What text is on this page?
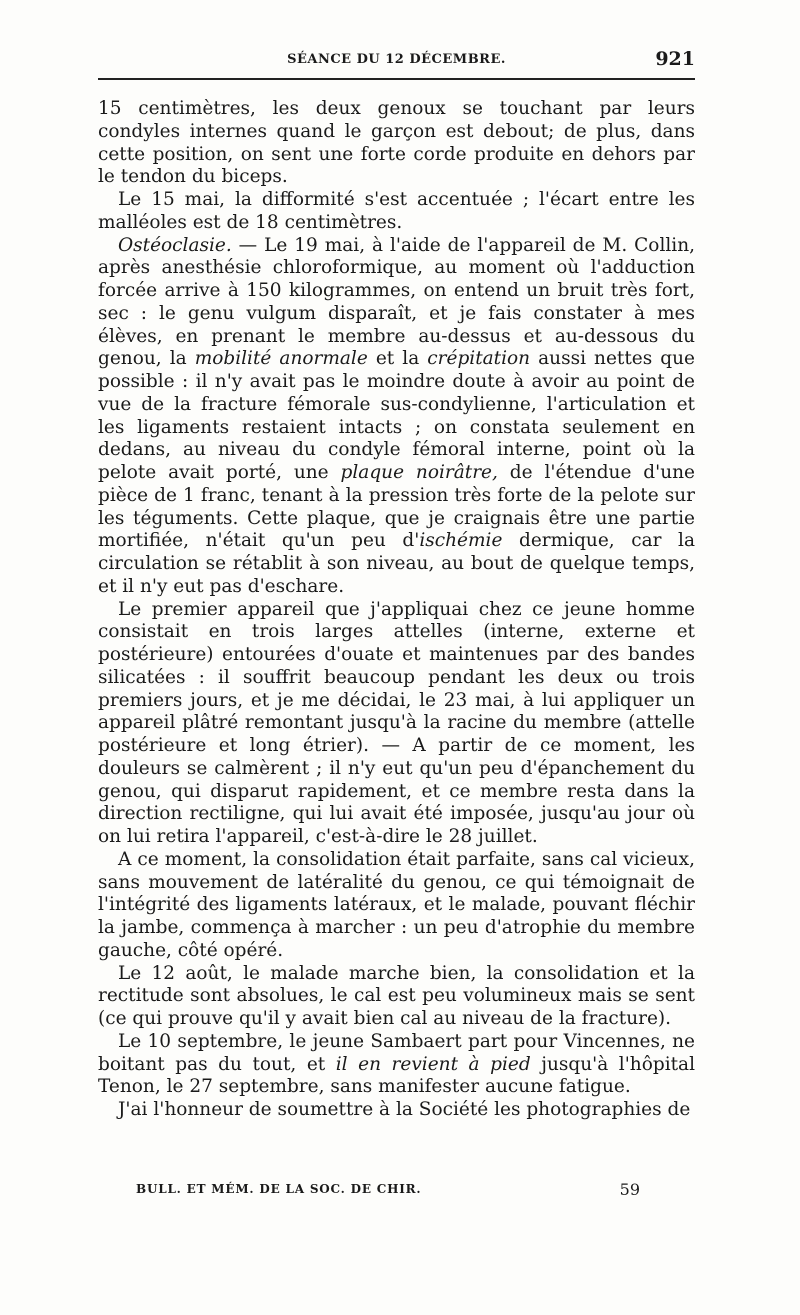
SÉANCE DU 12 DÉCEMBRE.	921

15 centimètres, les deux genoux se touchant par leurs condyles internes quand le garçon est debout; de plus, dans cette position, on sent une forte corde produite en dehors par le tendon du biceps.

Le 15 mai, la difformité s'est accentuée ; l'écart entre les malléoles est de 18 centimètres.

Ostéoclasie. — Le 19 mai, à l'aide de l'appareil de M. Collin, après anesthésie chloroformique, au moment où l'adduction forcée arrive à 150 kilogrammes, on entend un bruit très fort, sec : le genu vulgum disparaît, et je fais constater à mes élèves, en prenant le membre au-dessus et au-dessous du genou, la mobilité anormale et la crépitation aussi nettes que possible : il n'y avait pas le moindre doute à avoir au point de vue de la fracture fémorale sus-condylienne, l'articulation et les ligaments restaient intacts ; on constata seulement en dedans, au niveau du condyle fémoral interne, point où la pelote avait porté, une plaque noirâtre, de l'étendue d'une pièce de 1 franc, tenant à la pression très forte de la pelote sur les téguments. Cette plaque, que je craignais être une partie mortifiée, n'était qu'un peu d'ischémie dermique, car la circulation se rétablit à son niveau, au bout de quelque temps, et il n'y eut pas d'eschare.

Le premier appareil que j'appliquai chez ce jeune homme consistait en trois larges attelles (interne, externe et postérieure) entourées d'ouate et maintenues par des bandes silicatées : il souffrit beaucoup pendant les deux ou trois premiers jours, et je me décidai, le 23 mai, à lui appliquer un appareil plâtré remontant jusqu'à la racine du membre (attelle postérieure et long étrier). — A partir de ce moment, les douleurs se calmèrent ; il n'y eut qu'un peu d'épanchement du genou, qui disparut rapidement, et ce membre resta dans la direction rectiligne, qui lui avait été imposée, jusqu'au jour où on lui retira l'appareil, c'est-à-dire le 28 juillet.

A ce moment, la consolidation était parfaite, sans cal vicieux, sans mouvement de latéralité du genou, ce qui témoignait de l'intégrité des ligaments latéraux, et le malade, pouvant fléchir la jambe, commença à marcher : un peu d'atrophie du membre gauche, côté opéré.

Le 12 août, le malade marche bien, la consolidation et la rectitude sont absolues, le cal est peu volumineux mais se sent (ce qui prouve qu'il y avait bien cal au niveau de la fracture).

Le 10 septembre, le jeune Sambaert part pour Vincennes, ne boitant pas du tout, et il en revient à pied jusqu'à l'hôpital Tenon, le 27 septembre, sans manifester aucune fatigue.

J'ai l'honneur de soumettre à la Société les photographies de

BULL. ET MÉM. DE LA SOC. DE CHIR.	59
